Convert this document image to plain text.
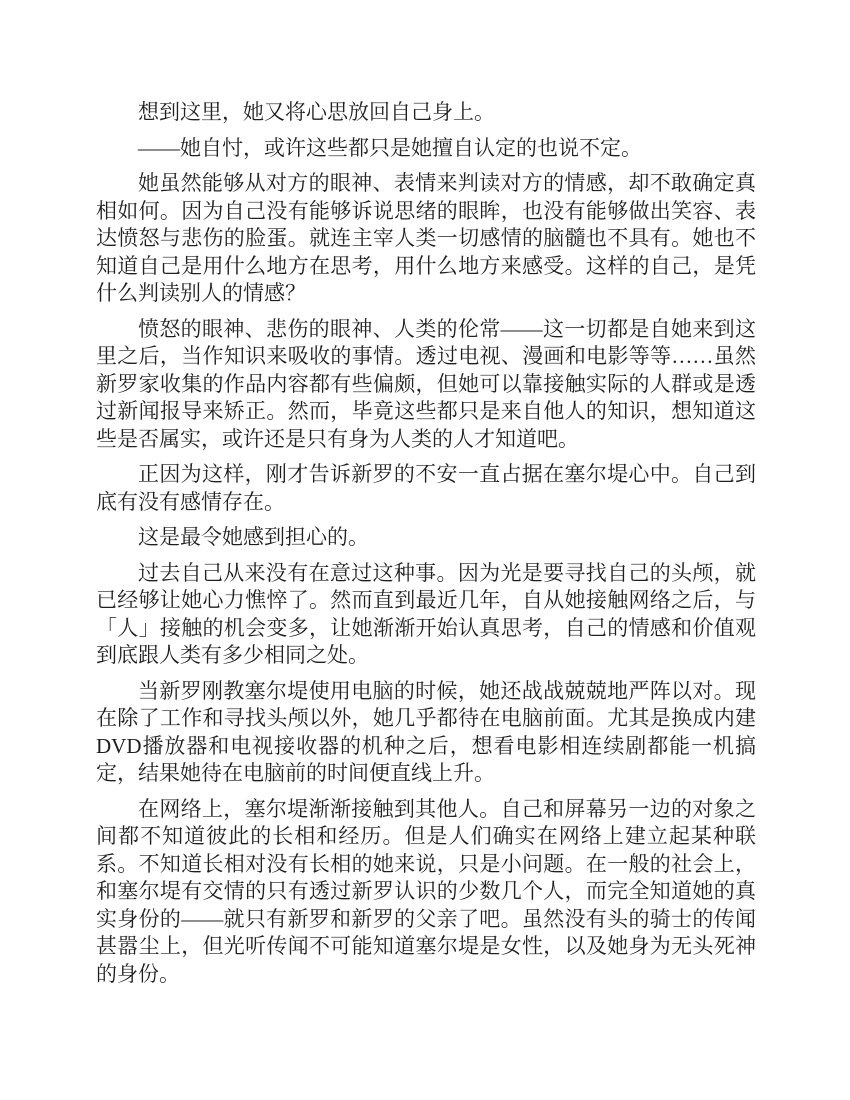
想到这里，她又将心思放回自己身上。
——她自忖，或许这些都只是她擅自认定的也说不定。
她虽然能够从对方的眼神、表情来判读对方的情感，却不敢确定真
相如何。因为自己没有能够诉说思绪的眼眸，也没有能够做出笑容、表
达愤怒与悲伤的脸蛋。就连主宰人类一切感情的脑髓也不具有。她也不
知道自己是用什么地方在思考，用什么地方来感受。这样的自己，是凭
什么判读别人的情感？
愤怒的眼神、悲伤的眼神、人类的伦常——这一切都是自她来到这
里之后，当作知识来吸收的事情。透过电视、漫画和电影等等……虽然
新罗家收集的作品内容都有些偏颇，但她可以靠接触实际的人群或是透
过新闻报导来矫正。然而，毕竟这些都只是来自他人的知识，想知道这
些是否属实，或许还是只有身为人类的人才知道吧。
正因为这样，刚才告诉新罗的不安一直占据在塞尔堤心中。自己到
底有没有感情存在。
这是最令她感到担心的。
过去自己从来没有在意过这种事。因为光是要寻找自己的头颅，就
已经够让她心力憔悴了。然而直到最近几年，自从她接触网络之后，与
「人」接触的机会变多，让她渐渐开始认真思考，自己的情感和价值观
到底跟人类有多少相同之处。
当新罗刚教塞尔堤使用电脑的时候，她还战战兢兢地严阵以对。现
在除了工作和寻找头颅以外，她几乎都待在电脑前面。尤其是换成内建
DVD播放器和电视接收器的机种之后，想看电影相连续剧都能一机搞
定，结果她待在电脑前的时间便直线上升。
在网络上，塞尔堤渐渐接触到其他人。自己和屏幕另一边的对象之
间都不知道彼此的长相和经历。但是人们确实在网络上建立起某种联
系。不知道长相对没有长相的她来说，只是小问题。在一般的社会上，
和塞尔堤有交情的只有透过新罗认识的少数几个人，而完全知道她的真
实身份的——就只有新罗和新罗的父亲了吧。虽然没有头的骑士的传闻
甚嚣尘上，但光听传闻不可能知道塞尔堤是女性，以及她身为无头死神
的身份。
